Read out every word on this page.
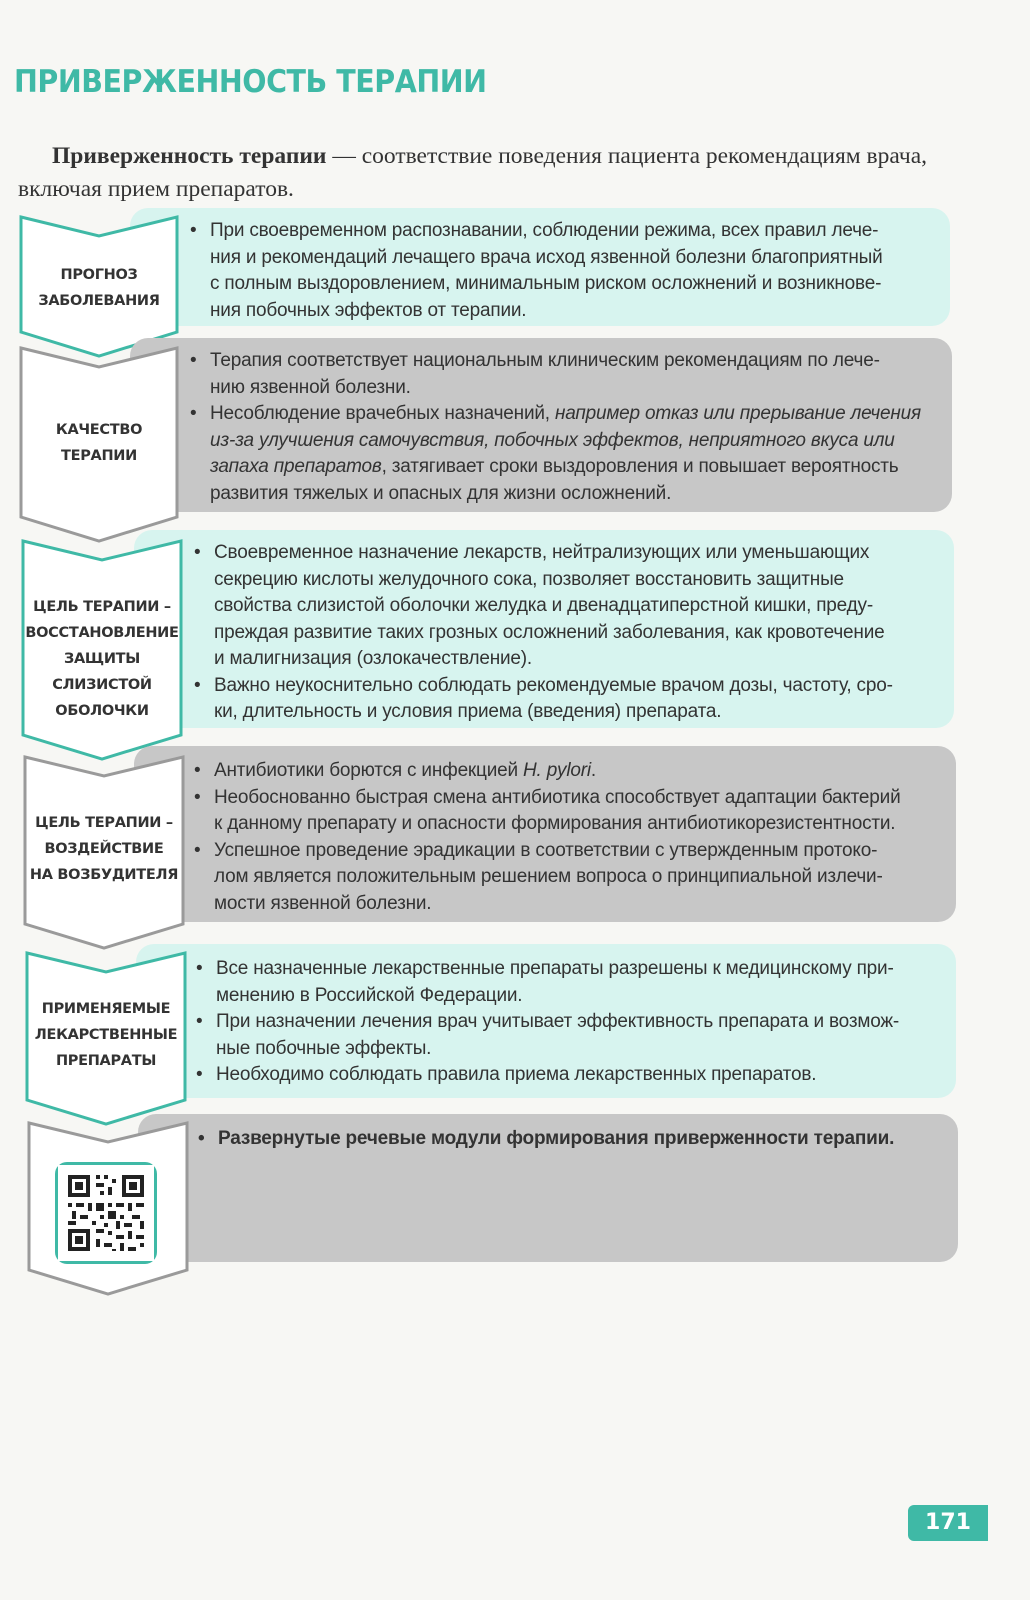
ПРИВЕРЖЕННОСТЬ ТЕРАПИИ
Приверженность терапии — соответствие поведения пациента рекомендациям врача, включая прием препаратов.
• При своевременном распознавании, соблюдении режима, всех правил лече-
ния и рекомендаций лечащего врача исход язвенной болезни благоприятный
с полным выздоровлением, минимальным риском осложнений и возникнове-
ния побочных эффектов от терапии.
ПРОГНОЗ
ЗАБОЛЕВАНИЯ
• Терапия соответствует национальным клиническим рекомендациям по лече-
нию язвенной болезни.
• Несоблюдение врачебных назначений, например отказ или прерывание лечения
из-за улучшения самочувствия, побочных эффектов, неприятного вкуса или
запаха препаратов, затягивает сроки выздоровления и повышает вероятность
развития тяжелых и опасных для жизни осложнений.
КАЧЕСТВО
ТЕРАПИИ
• Своевременное назначение лекарств, нейтрализующих или уменьшающих
секрецию кислоты желудочного сока, позволяет восстановить защитные
свойства слизистой оболочки желудка и двенадцатиперстной кишки, преду-
преждая развитие таких грозных осложнений заболевания, как кровотечение
и малигнизация (озлокачествление).
• Важно неукоснительно соблюдать рекомендуемые врачом дозы, частоту, сро-
ки, длительность и условия приема (введения) препарата.
ЦЕЛЬ ТЕРАПИИ –
ВОССТАНОВЛЕНИЕ
ЗАЩИТЫ
СЛИЗИСТОЙ
ОБОЛОЧКИ
• Антибиотики борются с инфекцией H. pylori.
• Необоснованно быстрая смена антибиотика способствует адаптации бактерий
к данному препарату и опасности формирования антибиотикорезистентности.
• Успешное проведение эрадикации в соответствии с утвержденным протоко-
лом является положительным решением вопроса о принципиальной излечи-
мости язвенной болезни.
ЦЕЛЬ ТЕРАПИИ –
ВОЗДЕЙСТВИЕ
НА ВОЗБУДИТЕЛЯ
• Все назначенные лекарственные препараты разрешены к медицинскому при-
менению в Российской Федерации.
• При назначении лечения врач учитывает эффективность препарата и возмож-
ные побочные эффекты.
• Необходимо соблюдать правила приема лекарственных препаратов.
ПРИМЕНЯЕМЫЕ
ЛЕКАРСТВЕННЫЕ
ПРЕПАРАТЫ
• Развернутые речевые модули формирования приверженности терапии.
171
